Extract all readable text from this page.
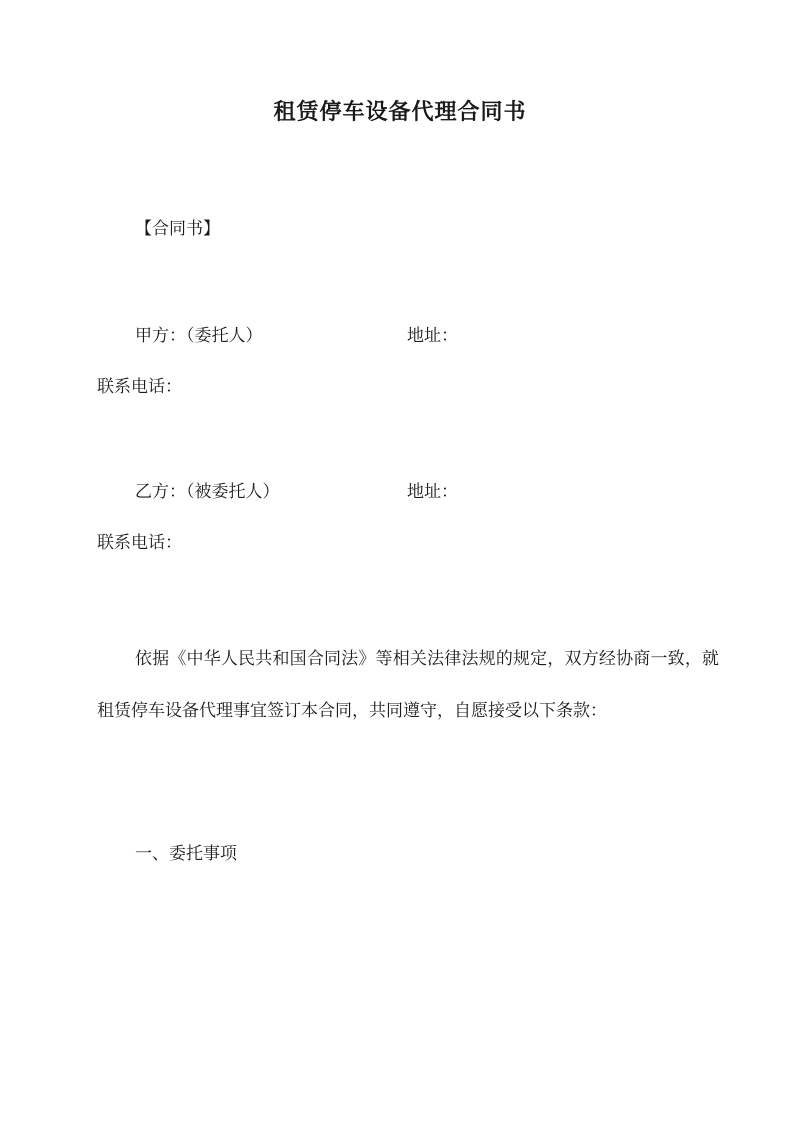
租赁停车设备代理合同书
【合同书】
甲方：（委托人）	地址：
联系电话：
乙方：（被委托人）	地址：
联系电话：
依据《中华人民共和国合同法》等相关法律法规的规定，双方经协商一致，就租赁停车设备代理事宜签订本合同，共同遵守，自愿接受以下条款：
一、委托事项
